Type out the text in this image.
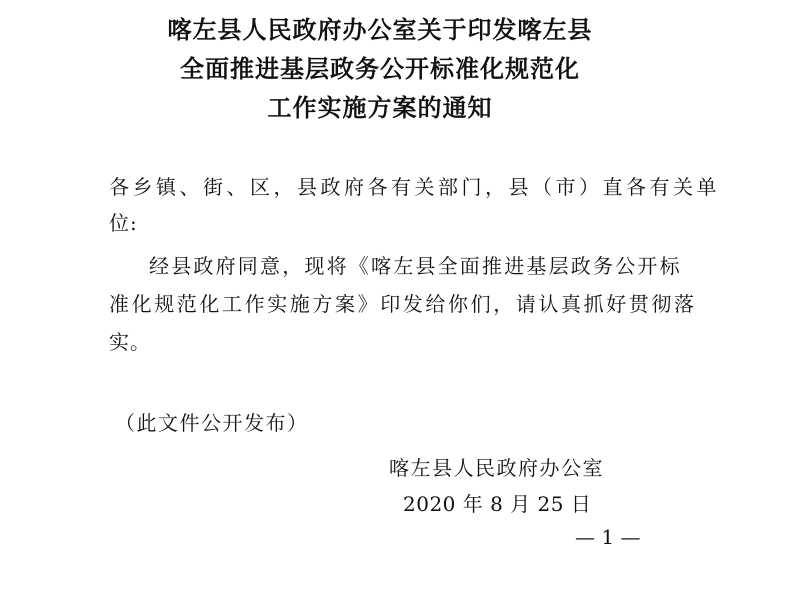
喀左县人民政府办公室关于印发喀左县
全面推进基层政务公开标准化规范化
工作实施方案的通知
各乡镇、街、区，县政府各有关部门，县（市）直各有关单
位:
经县政府同意，现将《喀左县全面推进基层政务公开标
准化规范化工作实施方案》印发给你们，请认真抓好贯彻落
实。
（此文件公开发布）
喀左县人民政府办公室
2020 年 8 月 25 日
— 1 —
